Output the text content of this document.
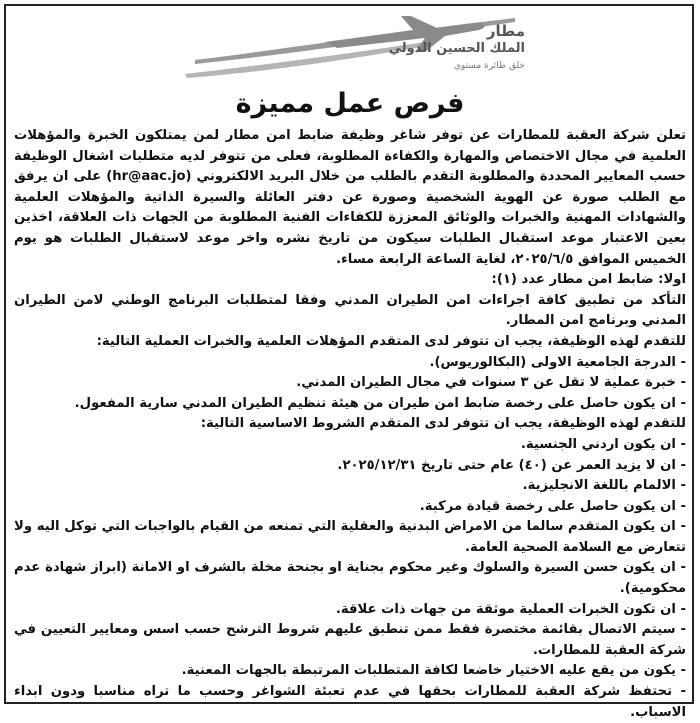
مطار
الملك الحسين الدولي
خلق طائرة مستوي
فرص عمل مميزة

تعلن شركة العقبة للمطارات عن توفر شاغر وظيفة ضابط امن مطار لمن يمتلكون الخبرة والمؤهلات العلمية في مجال الاختصاص والمهارة والكفاءة المطلوبة، فعلى من تتوفر لديه متطلبات اشغال الوظيفة حسب المعايير المحددة والمطلوبة التقدم بالطلب من خلال البريد الالكتروني (hr@aac.jo) على ان يرفق مع الطلب صورة عن الهوية الشخصية وصورة عن دفتر العائلة والسيرة الذاتية والمؤهلات العلمية والشهادات المهنية والخبرات والوثائق المعززة للكفاءات الفنية المطلوبة من الجهات ذات العلاقة، اخذين بعين الاعتبار موعد استقبال الطلبات سيكون من تاريخ نشره واخر موعد لاستقبال الطلبات هو يوم الخميس الموافق ٢٠٢٥/٦/٥، لغاية الساعة الرابعة مساء.

اولا: ضابط امن مطار عدد (١):

التأكد من تطبيق كافة اجراءات امن الطيران المدني وفقا لمتطلبات البرنامج الوطني لامن الطيران المدني وبرنامج امن المطار.

للتقدم لهذه الوظيفة، يجب ان تتوفر لدى المتقدم المؤهلات العلمية والخبرات العملية التالية:

- الدرجة الجامعية الاولى (البكالوريوس).
- خبرة عملية لا تقل عن ٣ سنوات في مجال الطيران المدني.
- ان يكون حاصل على رخصة ضابط امن طيران من هيئة تنظيم الطيران المدني سارية المفعول.

للتقدم لهذه الوظيفة، يجب ان تتوفر لدى المتقدم الشروط الاساسية التالية:

- ان يكون اردني الجنسية.
- ان لا يزيد العمر عن (٤٠) عام حتى تاريخ ٢٠٢٥/١٢/٣١.
- الالمام باللغة الانجليزية.
- ان يكون حاصل على رخصة قيادة مركبة.
- ان يكون المتقدم سالما من الامراض البدنية والعقلية التي تمنعه من القيام بالواجبات التي توكل اليه ولا تتعارض مع السلامة الصحية العامة.
- ان يكون حسن السيرة والسلوك وغير محكوم بجناية او بجنحة مخلة بالشرف او الامانة (ابراز شهادة عدم محكومية).
- ان تكون الخبرات العملية موثقة من جهات ذات علاقة.
- سيتم الاتصال بقائمة مختصرة فقط ممن تنطبق عليهم شروط الترشح حسب اسس ومعايير التعيين في شركة العقبة للمطارات.
- يكون من يقع عليه الاختيار خاضعا لكافة المتطلبات المرتبطة بالجهات المعنية.
- تحتفظ شركة العقبة للمطارات بحقها في عدم تعبئة الشواغر وحسب ما تراه مناسبا ودون ابداء الاسباب.
